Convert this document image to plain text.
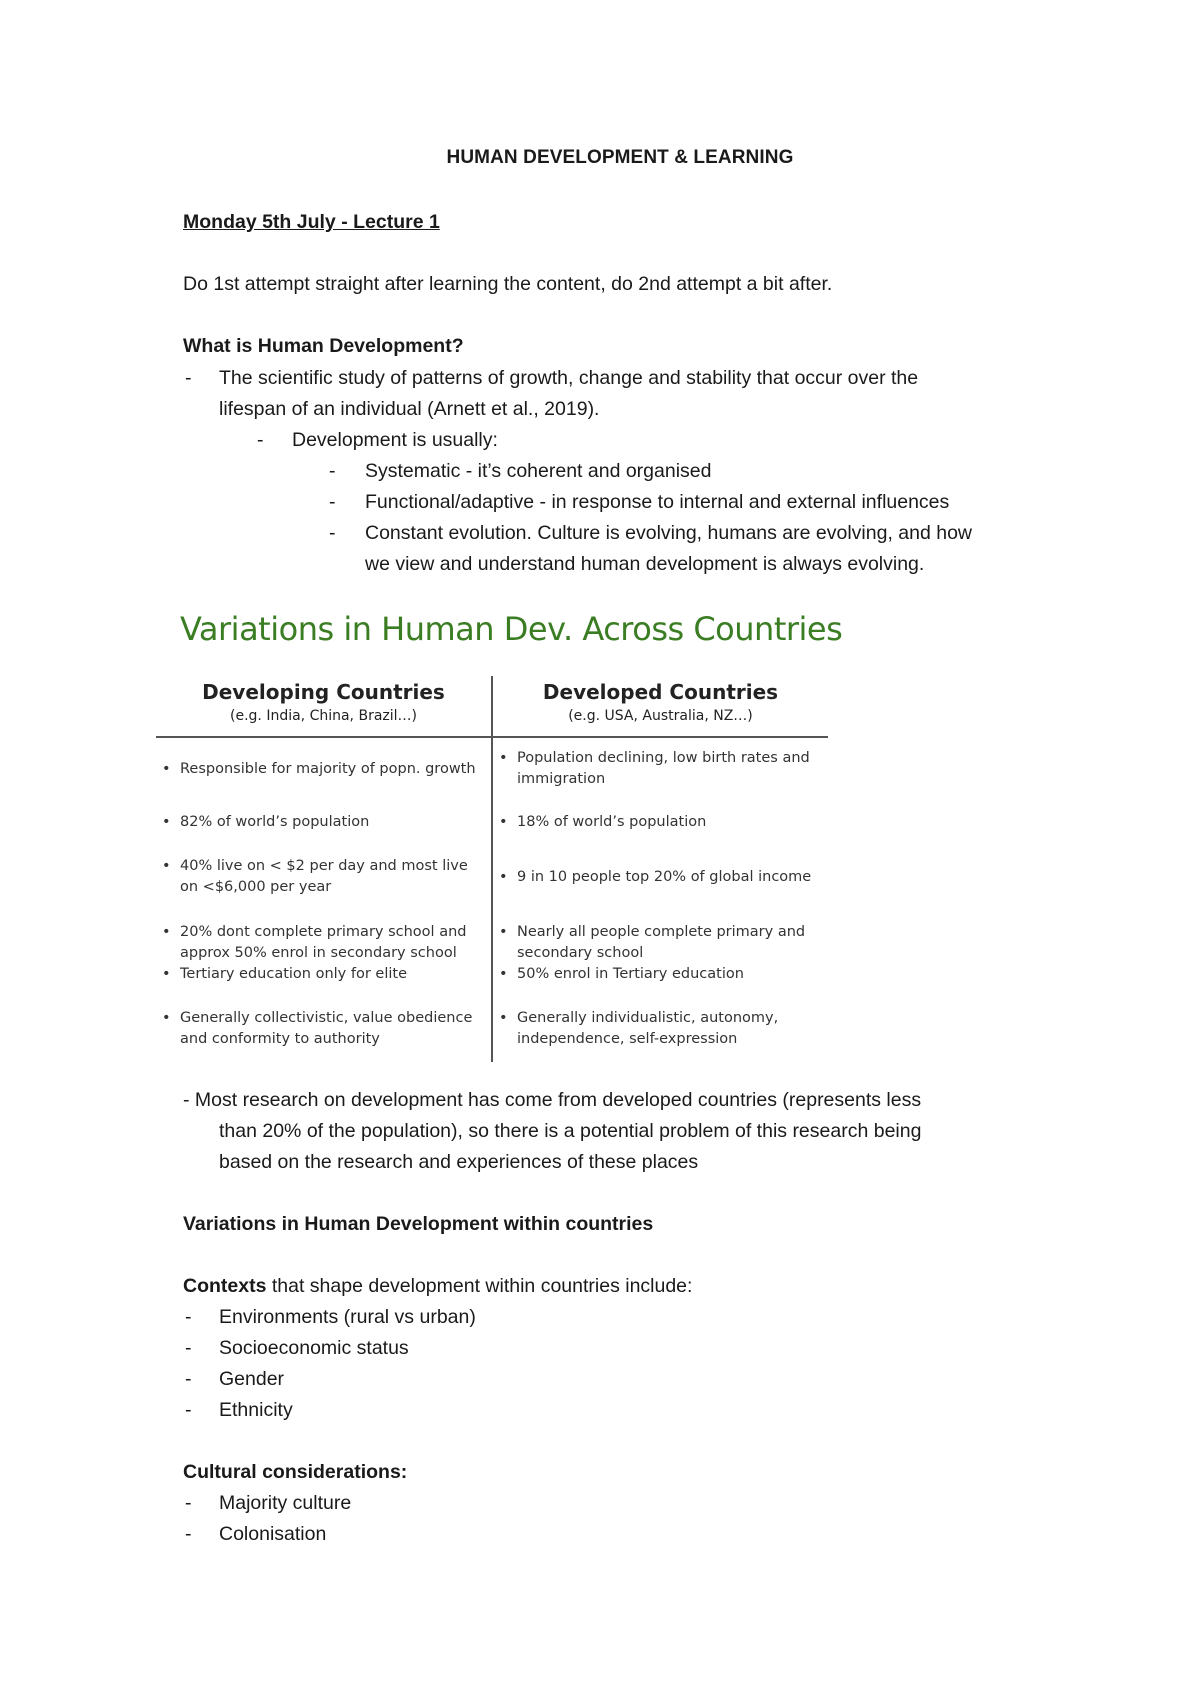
HUMAN DEVELOPMENT & LEARNING
Monday 5th July - Lecture 1
Do 1st attempt straight after learning the content, do 2nd attempt a bit after.
What is Human Development?
- The scientific study of patterns of growth, change and stability that occur over the
lifespan of an individual (Arnett et al., 2019).
- Development is usually:
- Systematic - it’s coherent and organised
- Functional/adaptive - in response to internal and external influences
- Constant evolution. Culture is evolving, humans are evolving, and how
we view and understand human development is always evolving.
Variations in Human Dev. Across Countries
Developing Countries
(e.g. India, China, Brazil…)
Developed Countries
(e.g. USA, Australia, NZ…)
• Responsible for majority of popn. growth
• Population declining, low birth rates and immigration
• 82% of world’s population
•	18% of world’s population
• 40% live on < $2 per day and most live on <$6,000 per year
• 9 in 10 people top 20% of global income
• 20% dont complete primary school and approx 50% enrol in secondary school
• Tertiary education only for elite
• Nearly all people complete primary and secondary school
• 50% enrol in Tertiary education
• Generally collectivistic, value obedience and conformity to authority
• Generally individualistic, autonomy, independence, self-expression
- Most research on development has come from developed countries (represents less
than 20% of the population), so there is a potential problem of this research being
based on the research and experiences of these places
Variations in Human Development within countries
Contexts that shape development within countries include:
- Environments (rural vs urban)
- Socioeconomic status
- Gender
- Ethnicity
Cultural considerations:
- Majority culture
- Colonisation
